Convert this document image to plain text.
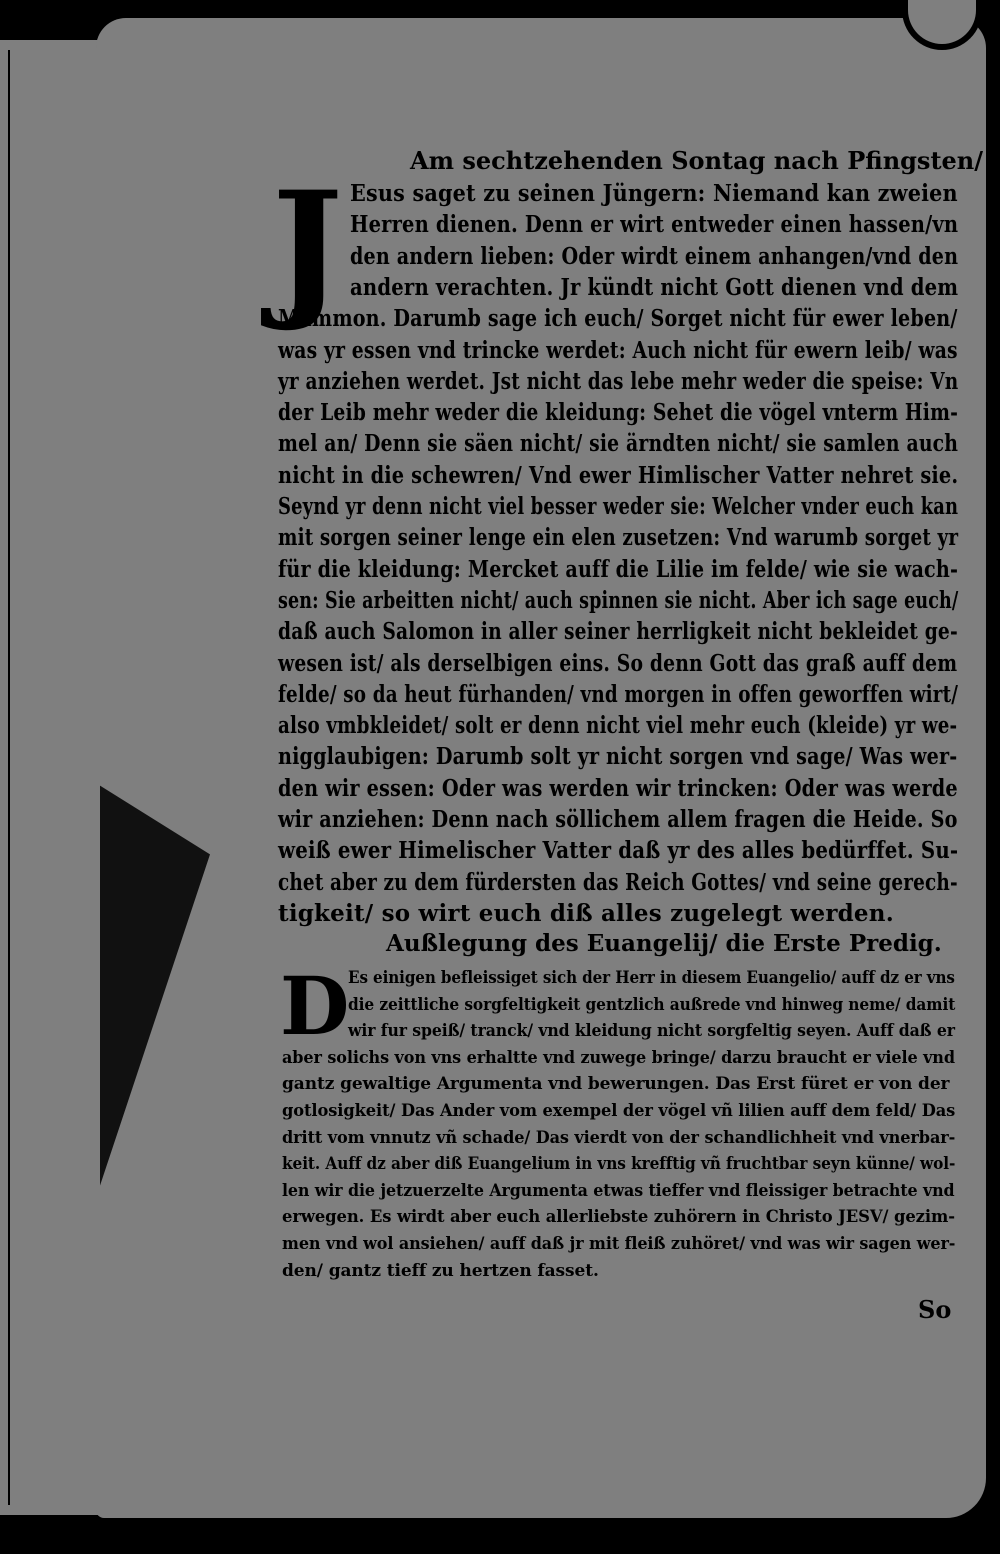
Am sechtzehenden Sontag nach Pfingsten/
J Esus saget zu seinen Jüngern: Niemand kan zweien
Herren dienen. Denn er wirt entweder einen hassen/vn
den andern lieben: Oder wirdt einem anhangen/vnd den
andern verachten. Jr kündt nicht Gott dienen vnd dem
Mammon. Darumb sage ich euch/ Sorget nicht für ewer leben/
was yr essen vnd trincke werdet: Auch nicht für ewern leib/ was
yr anziehen werdet. Jst nicht das lebe mehr weder die speise: Vn
der Leib mehr weder die kleidung: Sehet die vögel vnterm Him-
mel an/ Denn sie säen nicht/ sie ärndten nicht/ sie samlen auch
nicht in die schewren/ Vnd ewer Himlischer Vatter nehret sie.
Seynd yr denn nicht viel besser weder sie: Welcher vnder euch kan
mit sorgen seiner lenge ein elen zusetzen: Vnd warumb sorget yr
für die kleidung: Mercket auff die Lilie im felde/ wie sie wach-
sen: Sie arbeitten nicht/ auch spinnen sie nicht. Aber ich sage euch/
daß auch Salomon in aller seiner herrligkeit nicht bekleidet ge-
wesen ist/ als derselbigen eins. So denn Gott das graß auff dem
felde/ so da heut fürhanden/ vnd morgen in offen geworffen wirt/
also vmbkleidet/ solt er denn nicht viel mehr euch (kleide) yr we-
nigglaubigen: Darumb solt yr nicht sorgen vnd sage/ Was wer-
den wir essen: Oder was werden wir trincken: Oder was werde
wir anziehen: Denn nach söllichem allem fragen die Heide. So
weiß ewer Himelischer Vatter daß yr des alles bedürffet. Su-
chet aber zu dem fürdersten das Reich Gottes/ vnd seine gerech-
tigkeit/ so wirt euch diß alles zugelegt werden.
Außlegung des Euangelij/ die Erste Predig.
D
Es einigen befleissiget sich der Herr in diesem Euangelio/ auff dz er vns
die zeittliche sorgfeltigkeit gentzlich außrede vnd hinweg neme/ damit
wir fur speiß/ tranck/ vnd kleidung nicht sorgfeltig seyen. Auff daß er
aber solichs von vns erhaltte vnd zuwege bringe/ darzu braucht er viele vnd
gantz gewaltige Argumenta vnd bewerungen. Das Erst füret er von der
gotlosigkeit/ Das Ander vom exempel der vögel vñ lilien auff dem feld/ Das
dritt vom vnnutz vñ schade/ Das vierdt von der schandlichheit vnd vnerbar-
keit. Auff dz aber diß Euangelium in vns krefftig vñ fruchtbar seyn künne/ wol-
len wir die jetzuerzelte Argumenta etwas tieffer vnd fleissiger betrachte vnd
erwegen. Es wirdt aber euch allerliebste zuhörern in Christo JESV/ gezim-
men vnd wol ansiehen/ auff daß jr mit fleiß zuhöret/ vnd was wir sagen wer-
den/ gantz tieff zu hertzen fasset.
So
